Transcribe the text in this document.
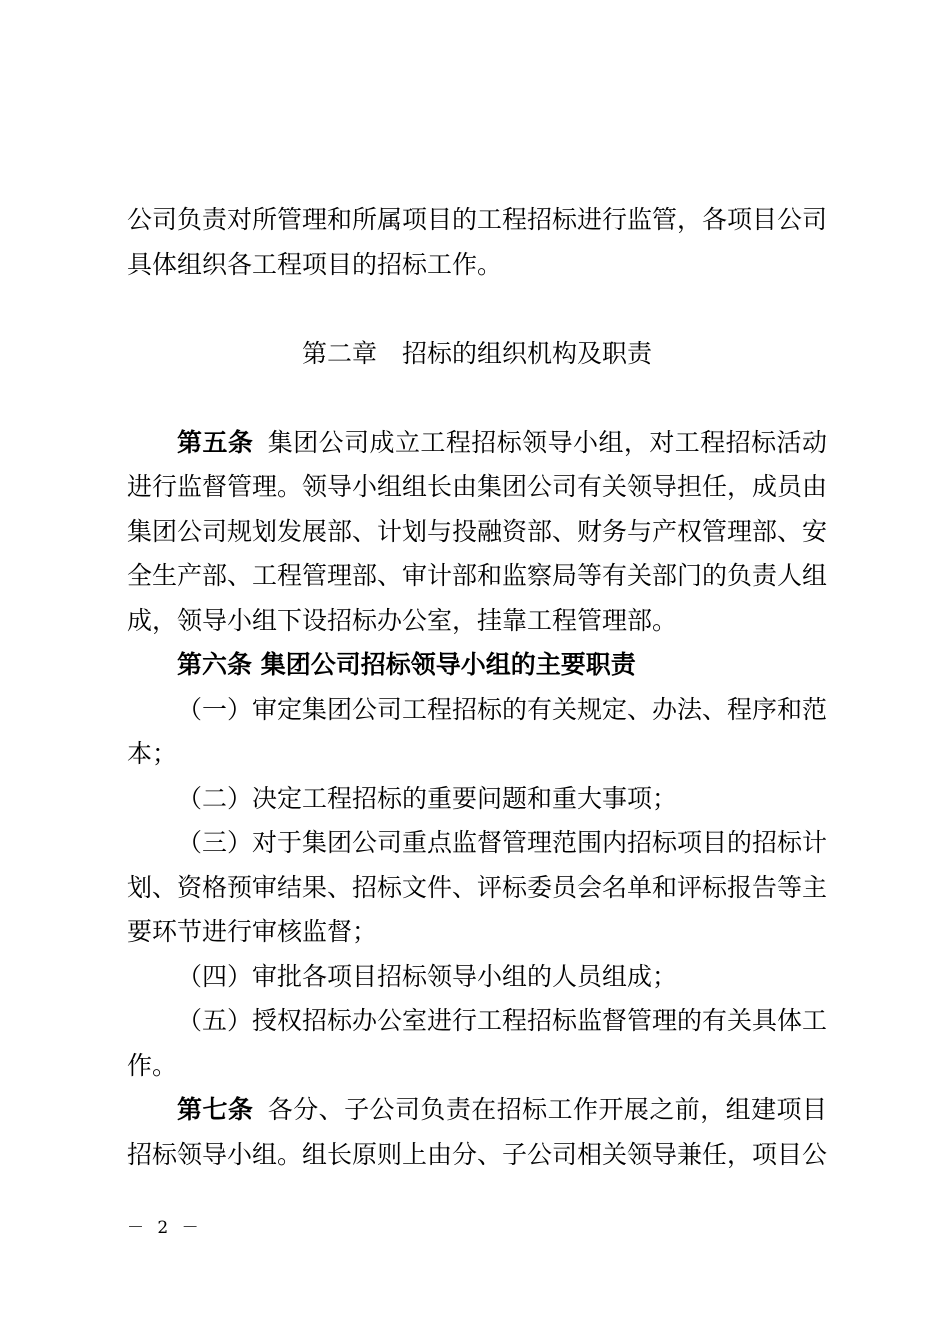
公司负责对所管理和所属项目的工程招标进行监管，各项目公司具体组织各工程项目的招标工作。

第二章　招标的组织机构及职责

第五条 集团公司成立工程招标领导小组，对工程招标活动进行监督管理。领导小组组长由集团公司有关领导担任，成员由集团公司规划发展部、计划与投融资部、财务与产权管理部、安全生产部、工程管理部、审计部和监察局等有关部门的负责人组成，领导小组下设招标办公室，挂靠工程管理部。

第六条 集团公司招标领导小组的主要职责

（一）审定集团公司工程招标的有关规定、办法、程序和范本；

（二）决定工程招标的重要问题和重大事项；

（三）对于集团公司重点监督管理范围内招标项目的招标计划、资格预审结果、招标文件、评标委员会名单和评标报告等主要环节进行审核监督；

（四）审批各项目招标领导小组的人员组成；

（五）授权招标办公室进行工程招标监督管理的有关具体工作。

第七条 各分、子公司负责在招标工作开展之前，组建项目招标领导小组。组长原则上由分、子公司相关领导兼任，项目公

－ 2 －
